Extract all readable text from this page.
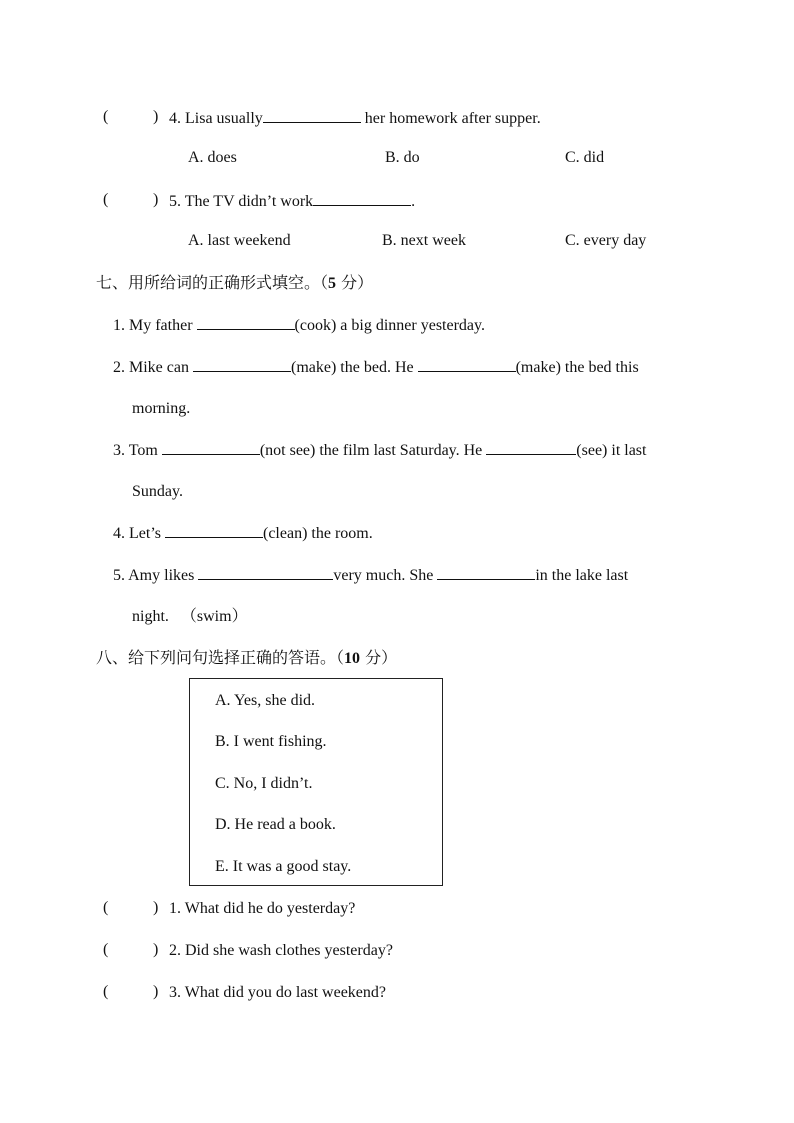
(	) 4. Lisa usually	her homework after supper.
A. does	B. do	C. did
(	) 5. The TV didn’t work	.
A. last weekend	B. next week	C. every day
七、用所给词的正确形式填空。（5 分）
1. My father	(cook) a big dinner yesterday.
2. Mike can	(make) the bed. He	(make) the bed this
morning.
3. Tom	(not see) the film last Saturday. He	(see) it last
Sunday.
4. Let’s	(clean) the room.
5. Amy likes	very much. She	in the lake last
night. （swim）
八、给下列问句选择正确的答语。（10 分）
A. Yes, she did.
B. I went fishing.
C. No, I didn’t.
D. He read a book.
E. It was a good stay.
(	) 1. What did he do yesterday?
(	) 2. Did she wash clothes yesterday?
(	) 3. What did you do last weekend?
